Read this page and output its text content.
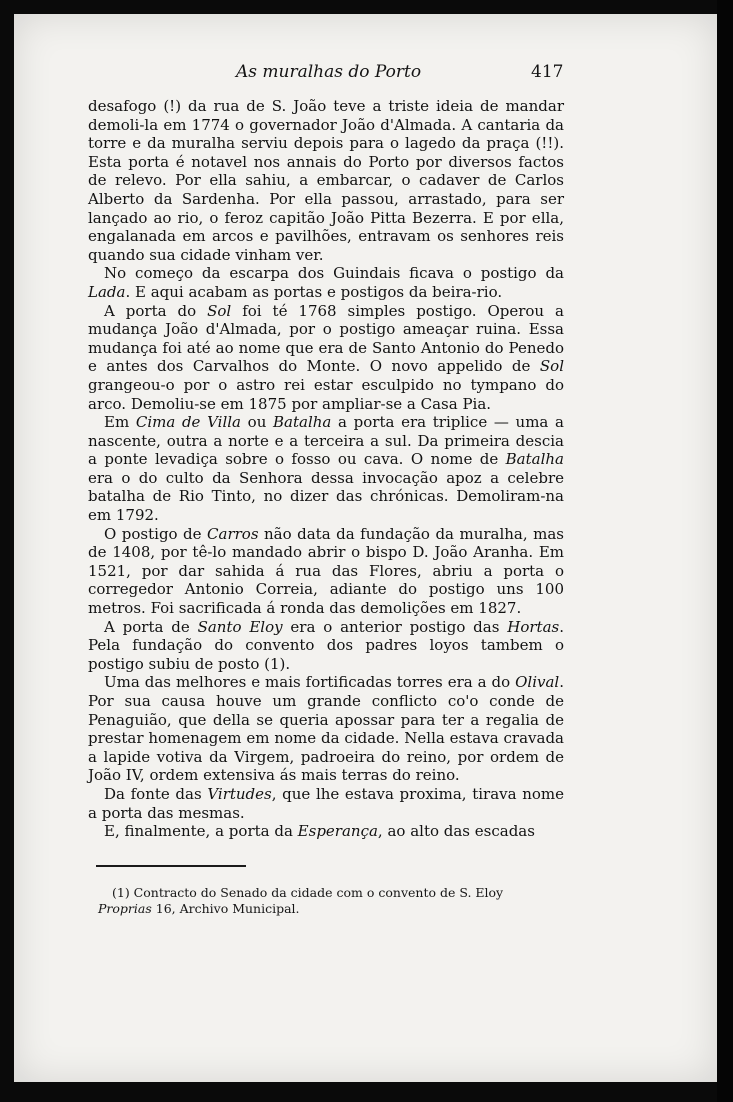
As muralhas do Porto	417

desafogo (!) da rua de S. João teve a triste ideia de mandar demoli-la em 1774 o governador João d'Almada. A cantaria da torre e da muralha serviu depois para o lagedo da praça (!!). Esta porta é notavel nos annais do Porto por diversos factos de relevo. Por ella sahiu, a embarcar, o cadaver de Carlos Alberto da Sardenha. Por ella passou, arrastado, para ser lançado ao rio, o feroz capitão João Pitta Bezerra. E por ella, engalanada em arcos e pavilhões, entravam os senhores reis quando sua cidade vinham ver.

No começo da escarpa dos Guindais ficava o postigo da Lada. E aqui acabam as portas e postigos da beira-rio.

A porta do Sol foi té 1768 simples postigo. Operou a mudança João d'Almada, por o postigo ameaçar ruina. Essa mudança foi até ao nome que era de Santo Antonio do Penedo e antes dos Carvalhos do Monte. O novo appelido de Sol grangeou-o por o astro rei estar esculpido no tympano do arco. Demoliu-se em 1875 por ampliar-se a Casa Pia.

Em Cima de Villa ou Batalha a porta era triplice — uma a nascente, outra a norte e a terceira a sul. Da primeira descia a ponte levadiça sobre o fosso ou cava. O nome de Batalha era o do culto da Senhora dessa invocação apoz a celebre batalha de Rio Tinto, no dizer das chrónicas. Demoliram-na em 1792.

O postigo de Carros não data da fundação da muralha, mas de 1408, por tê-lo mandado abrir o bispo D. João Aranha. Em 1521, por dar sahida á rua das Flores, abriu a porta o corregedor Antonio Correia, adiante do postigo uns 100 metros. Foi sacrificada á ronda das demolições em 1827.

A porta de Santo Eloy era o anterior postigo das Hortas. Pela fundação do convento dos padres loyos tambem o postigo subiu de posto (1).

Uma das melhores e mais fortificadas torres era a do Olival. Por sua causa houve um grande conflicto co'o conde de Penaguião, que della se queria apossar para ter a regalia de prestar homenagem em nome da cidade. Nella estava cravada a lapide votiva da Virgem, padroeira do reino, por ordem de João IV, ordem extensiva ás mais terras do reino.

Da fonte das Virtudes, que lhe estava proxima, tirava nome a porta das mesmas.

E, finalmente, a porta da Esperança, ao alto das escadas

(1) Contracto do Senado da cidade com o convento de S. Eloy
Proprias 16, Archivo Municipal.
